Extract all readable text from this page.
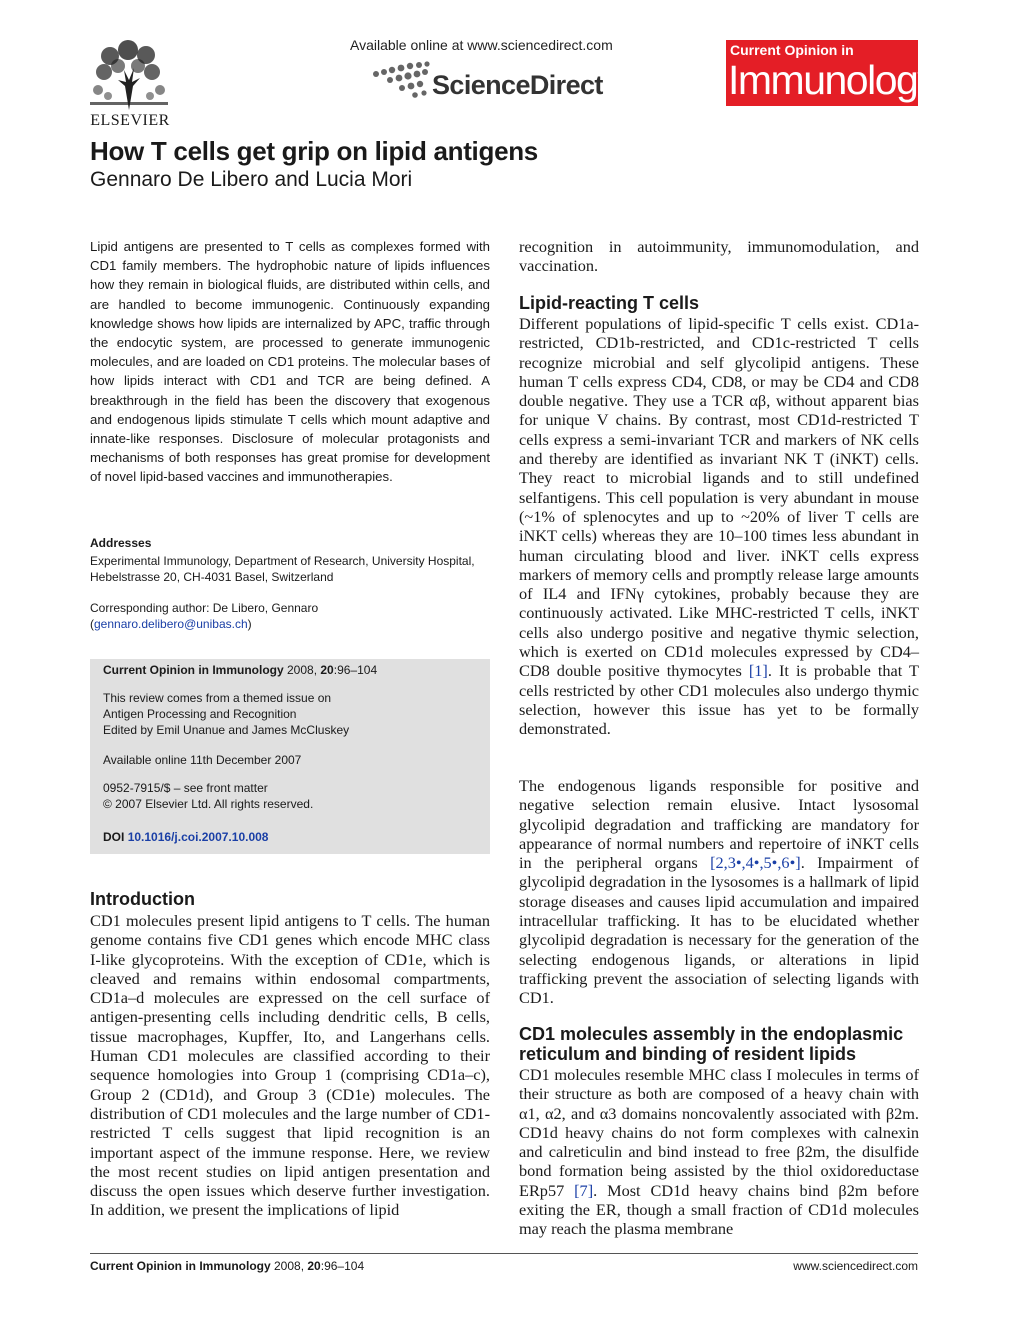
ELSEVIER
Available online at www.sciencedirect.com
ScienceDirect
Current Opinion in
Immunology
How T cells get grip on lipid antigens
Gennaro De Libero and Lucia Mori
Lipid antigens are presented to T cells as complexes formed with CD1 family members. The hydrophobic nature of lipids influences how they remain in biological fluids, are distributed within cells, and are handled to become immunogenic. Continuously expanding knowledge shows how lipids are internalized by APC, traffic through the endocytic system, are processed to generate immunogenic molecules, and are loaded on CD1 proteins. The molecular bases of how lipids interact with CD1 and TCR are being defined. A breakthrough in the field has been the discovery that exogenous and endogenous lipids stimulate T cells which mount adaptive and innate-like responses. Disclosure of molecular protagonists and mechanisms of both responses has great promise for development of novel lipid-based vaccines and immunotherapies.
Addresses
Experimental Immunology, Department of Research, University Hospital, Hebelstrasse 20, CH-4031 Basel, Switzerland
Corresponding author: De Libero, Gennaro
(gennaro.delibero@unibas.ch)
Current Opinion in Immunology 2008, 20:96–104
This review comes from a themed issue on
Antigen Processing and Recognition
Edited by Emil Unanue and James McCluskey
Available online 11th December 2007
0952-7915/$ – see front matter
© 2007 Elsevier Ltd. All rights reserved.
DOI 10.1016/j.coi.2007.10.008
Introduction
CD1 molecules present lipid antigens to T cells. The human genome contains five CD1 genes which encode MHC class I-like glycoproteins. With the exception of CD1e, which is cleaved and remains within endosomal compartments, CD1a–d molecules are expressed on the cell surface of antigen-presenting cells including dendritic cells, B cells, tissue macrophages, Kupffer, Ito, and Langerhans cells. Human CD1 molecules are classified according to their sequence homologies into Group 1 (comprising CD1a–c), Group 2 (CD1d), and Group 3 (CD1e) molecules. The distribution of CD1 molecules and the large number of CD1-restricted T cells suggest that lipid recognition is an important aspect of the immune response. Here, we review the most recent studies on lipid antigen presentation and discuss the open issues which deserve further investigation. In addition, we present the implications of lipid
recognition in autoimmunity, immunomodulation, and vaccination.
Lipid-reacting T cells
Different populations of lipid-specific T cells exist. CD1a-restricted, CD1b-restricted, and CD1c-restricted T cells recognize microbial and self glycolipid antigens. These human T cells express CD4, CD8, or may be CD4 and CD8 double negative. They use a TCR αβ, without apparent bias for unique V chains. By contrast, most CD1d-restricted T cells express a semi-invariant TCR and markers of NK cells and thereby are identified as invariant NK T (iNKT) cells. They react to microbial ligands and to still undefined selfantigens. This cell population is very abundant in mouse (~1% of splenocytes and up to ~20% of liver T cells are iNKT cells) whereas they are 10–100 times less abundant in human circulating blood and liver. iNKT cells express markers of memory cells and promptly release large amounts of IL4 and IFNγ cytokines, probably because they are continuously activated. Like MHC-restricted T cells, iNKT cells also undergo positive and negative thymic selection, which is exerted on CD1d molecules expressed by CD4–CD8 double positive thymocytes [1]. It is probable that T cells restricted by other CD1 molecules also undergo thymic selection, however this issue has yet to be formally demonstrated.
The endogenous ligands responsible for positive and negative selection remain elusive. Intact lysosomal glycolipid degradation and trafficking are mandatory for appearance of normal numbers and repertoire of iNKT cells in the peripheral organs [2,3•,4•,5•,6•]. Impairment of glycolipid degradation in the lysosomes is a hallmark of lipid storage diseases and causes lipid accumulation and impaired intracellular trafficking. It has to be elucidated whether glycolipid degradation is necessary for the generation of the selecting endogenous ligands, or alterations in lipid trafficking prevent the association of selecting ligands with CD1.
CD1 molecules assembly in the endoplasmic
reticulum and binding of resident lipids
CD1 molecules resemble MHC class I molecules in terms of their structure as both are composed of a heavy chain with α1, α2, and α3 domains noncovalently associated with β2m. CD1d heavy chains do not form complexes with calnexin and calreticulin and bind instead to free β2m, the disulfide bond formation being assisted by the thiol oxidoreductase ERp57 [7]. Most CD1d heavy chains bind β2m before exiting the ER, though a small fraction of CD1d molecules may reach the plasma membrane
Current Opinion in Immunology 2008, 20:96–104	www.sciencedirect.com
